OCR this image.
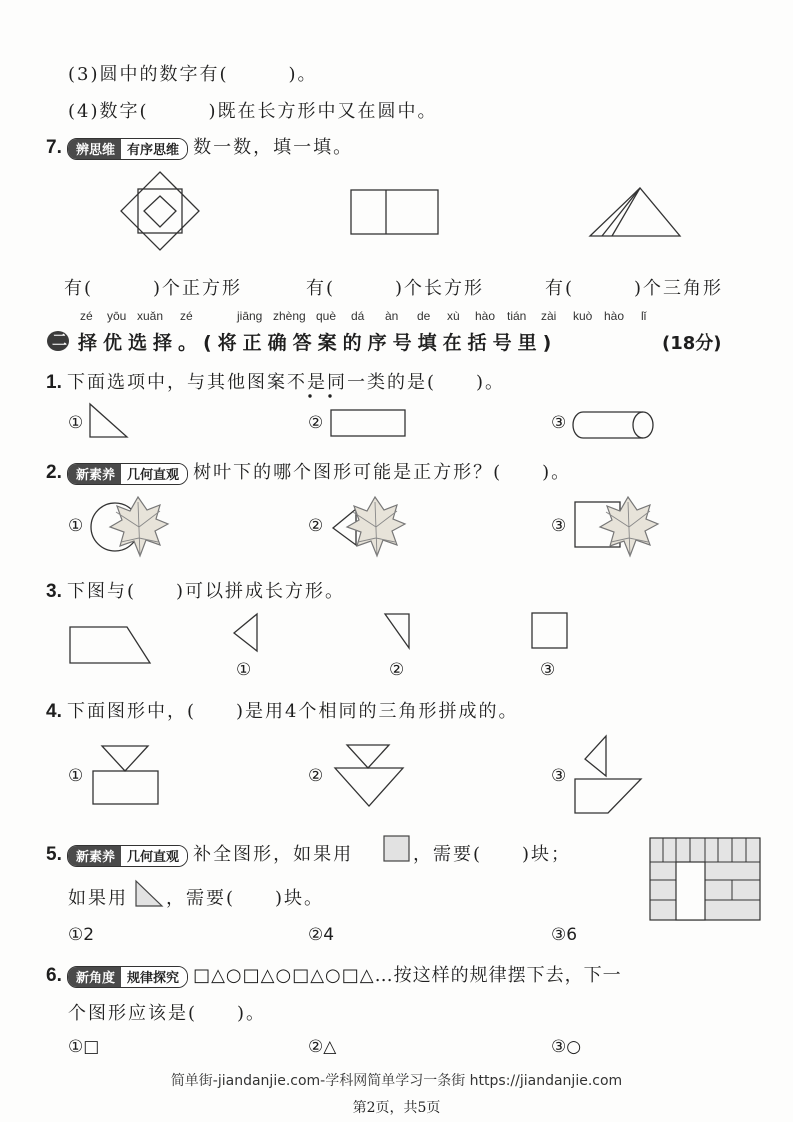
(3)圆中的数字有(　　　)。
(4)数字(　　　)既在长方形中又在圆中。
7.	辨思维 有序思维 数一数，填一填。
有(　　　)个正方形	有(　　　)个长方形	有(　　　)个三角形
zé yōu xuǎn zé	jiāng zhèng què dá àn de xù hào tián zài kuò hào lǐ
二 择优选择。(将正确答案的序号填在括号里)	(18分)
1. 下面选项中，与其他图案不是同一类的是(　　)。
①	②	③
2.	新素养 几何直观 树叶下的哪个图形可能是正方形？(　　)。
①	②	③
3. 下图与(　　)可以拼成长方形。
①	②	③
4. 下面图形中，(　　)是用4个相同的三角形拼成的。
①	②	③
5.	新素养 几何直观 补全图形，如果用	，需要(　　)块；
如果用 ，需要(　　)块。
①2	②4	③6
6.	新角度 规律探究 □△○□△○□△○□△…按这样的规律摆下去，下一
个图形应该是(　　)。
①□	②△	③○
简单街-jiandanjie.com-学科网简单学习一条街 https://jiandanjie.com
第2页，共5页
